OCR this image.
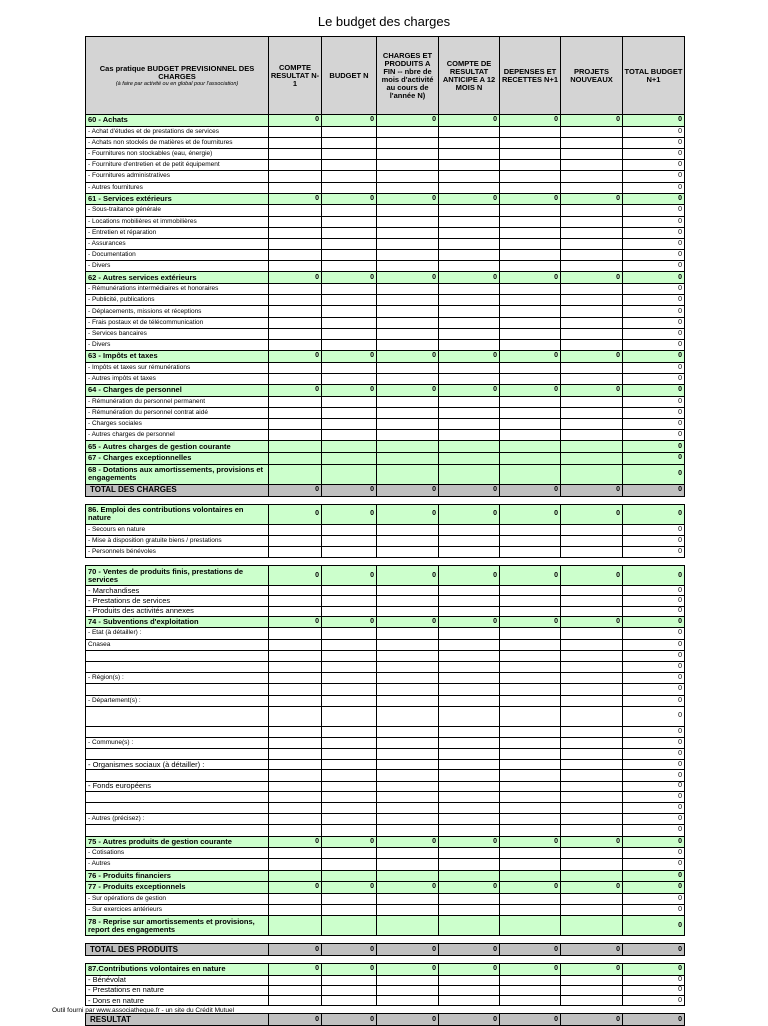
Le budget des charges
Cas pratique BUDGET PREVISIONNEL DES CHARGES
(à faire par activité ou en global pour l'association)	COMPTE RESULTAT N-1	BUDGET N	CHARGES ET PRODUITS A FIN -- nbre de mois d'activité au cours de l'année N)	COMPTE DE RESULTAT ANTICIPE A 12 MOIS N	DEPENSES ET RECETTES N+1	PROJETS NOUVEAUX	TOTAL BUDGET N+1
60 - Achats	0	0	0	0	0	0	0
- Achat d'études et de prestations de services							0
- Achats non stockés de matières et de fournitures							0
- Fournitures non stockables (eau, énergie)							0
- Fourniture d'entretien et de petit équipement							0
- Fournitures administratives							0
- Autres fournitures							0
61 - Services extérieurs	0	0	0	0	0	0	0
- Sous-traitance générale							0
- Locations mobilières et immobilières							0
- Entretien et réparation							0
- Assurances							0
- Documentation							0
- Divers							0
62 - Autres services extérieurs	0	0	0	0	0	0	0
- Rémunérations intermédiaires et honoraires							0
- Publicité, publications							0
- Déplacements, missions et réceptions							0
- Frais postaux et de télécommunication							0
- Services bancaires							0
- Divers							0
63 - Impôts et taxes	0	0	0	0	0	0	0
- Impôts et taxes sur rémunérations							0
- Autres impôts et taxes							0
64 - Charges de personnel	0	0	0	0	0	0	0
- Rémunération du personnel permanent							0
- Rémunération du personnel contrat aidé							0
- Charges sociales							0
- Autres charges de personnel							0
65 - Autres charges de gestion courante							0
67 - Charges exceptionnelles							0
68 - Dotations aux amortissements, provisions et engagements							0
TOTAL DES CHARGES	0	0	0	0	0	0	0

86. Emploi des contributions volontaires en nature	0	0	0	0	0	0	0
- Secours en nature							0
- Mise à disposition gratuite biens / prestations							0
- Personnels bénévoles							0

70 - Ventes de produits finis, prestations de services	0	0	0	0	0	0	0
- Marchandises							0
- Prestations de services							0
- Produits des activités annexes							0
74 - Subventions d'exploitation	0	0	0	0	0	0	0
- Etat (à détailler) :							0
Cnasea							0
							0
							0
- Région(s) :							0
							0
- Département(s) :							0
							0
							0
- Commune(s) :							0
							0
- Organismes sociaux (à détailler) :							0
							0
- Fonds européens							0
							0
							0
- Autres (précisez) :							0
							0
75 - Autres produits de gestion courante	0	0	0	0	0	0	0
- Cotisations							0
- Autres							0
76 - Produits financiers							0
77 - Produits exceptionnels	0	0	0	0	0	0	0
- Sur opérations de gestion							0
- Sur exercices antérieurs							0
78 - Reprise sur amortissements et provisions, report des engagements							0

TOTAL DES PRODUITS	0	0	0	0	0	0	0

87.Contributions volontaires en nature	0	0	0	0	0	0	0
- Bénévolat							0
- Prestations en nature							0
- Dons en nature							0

RESULTAT	0	0	0	0	0	0	0
Outil fourni par www.associatheque.fr - un site du Crédit Mutuel
